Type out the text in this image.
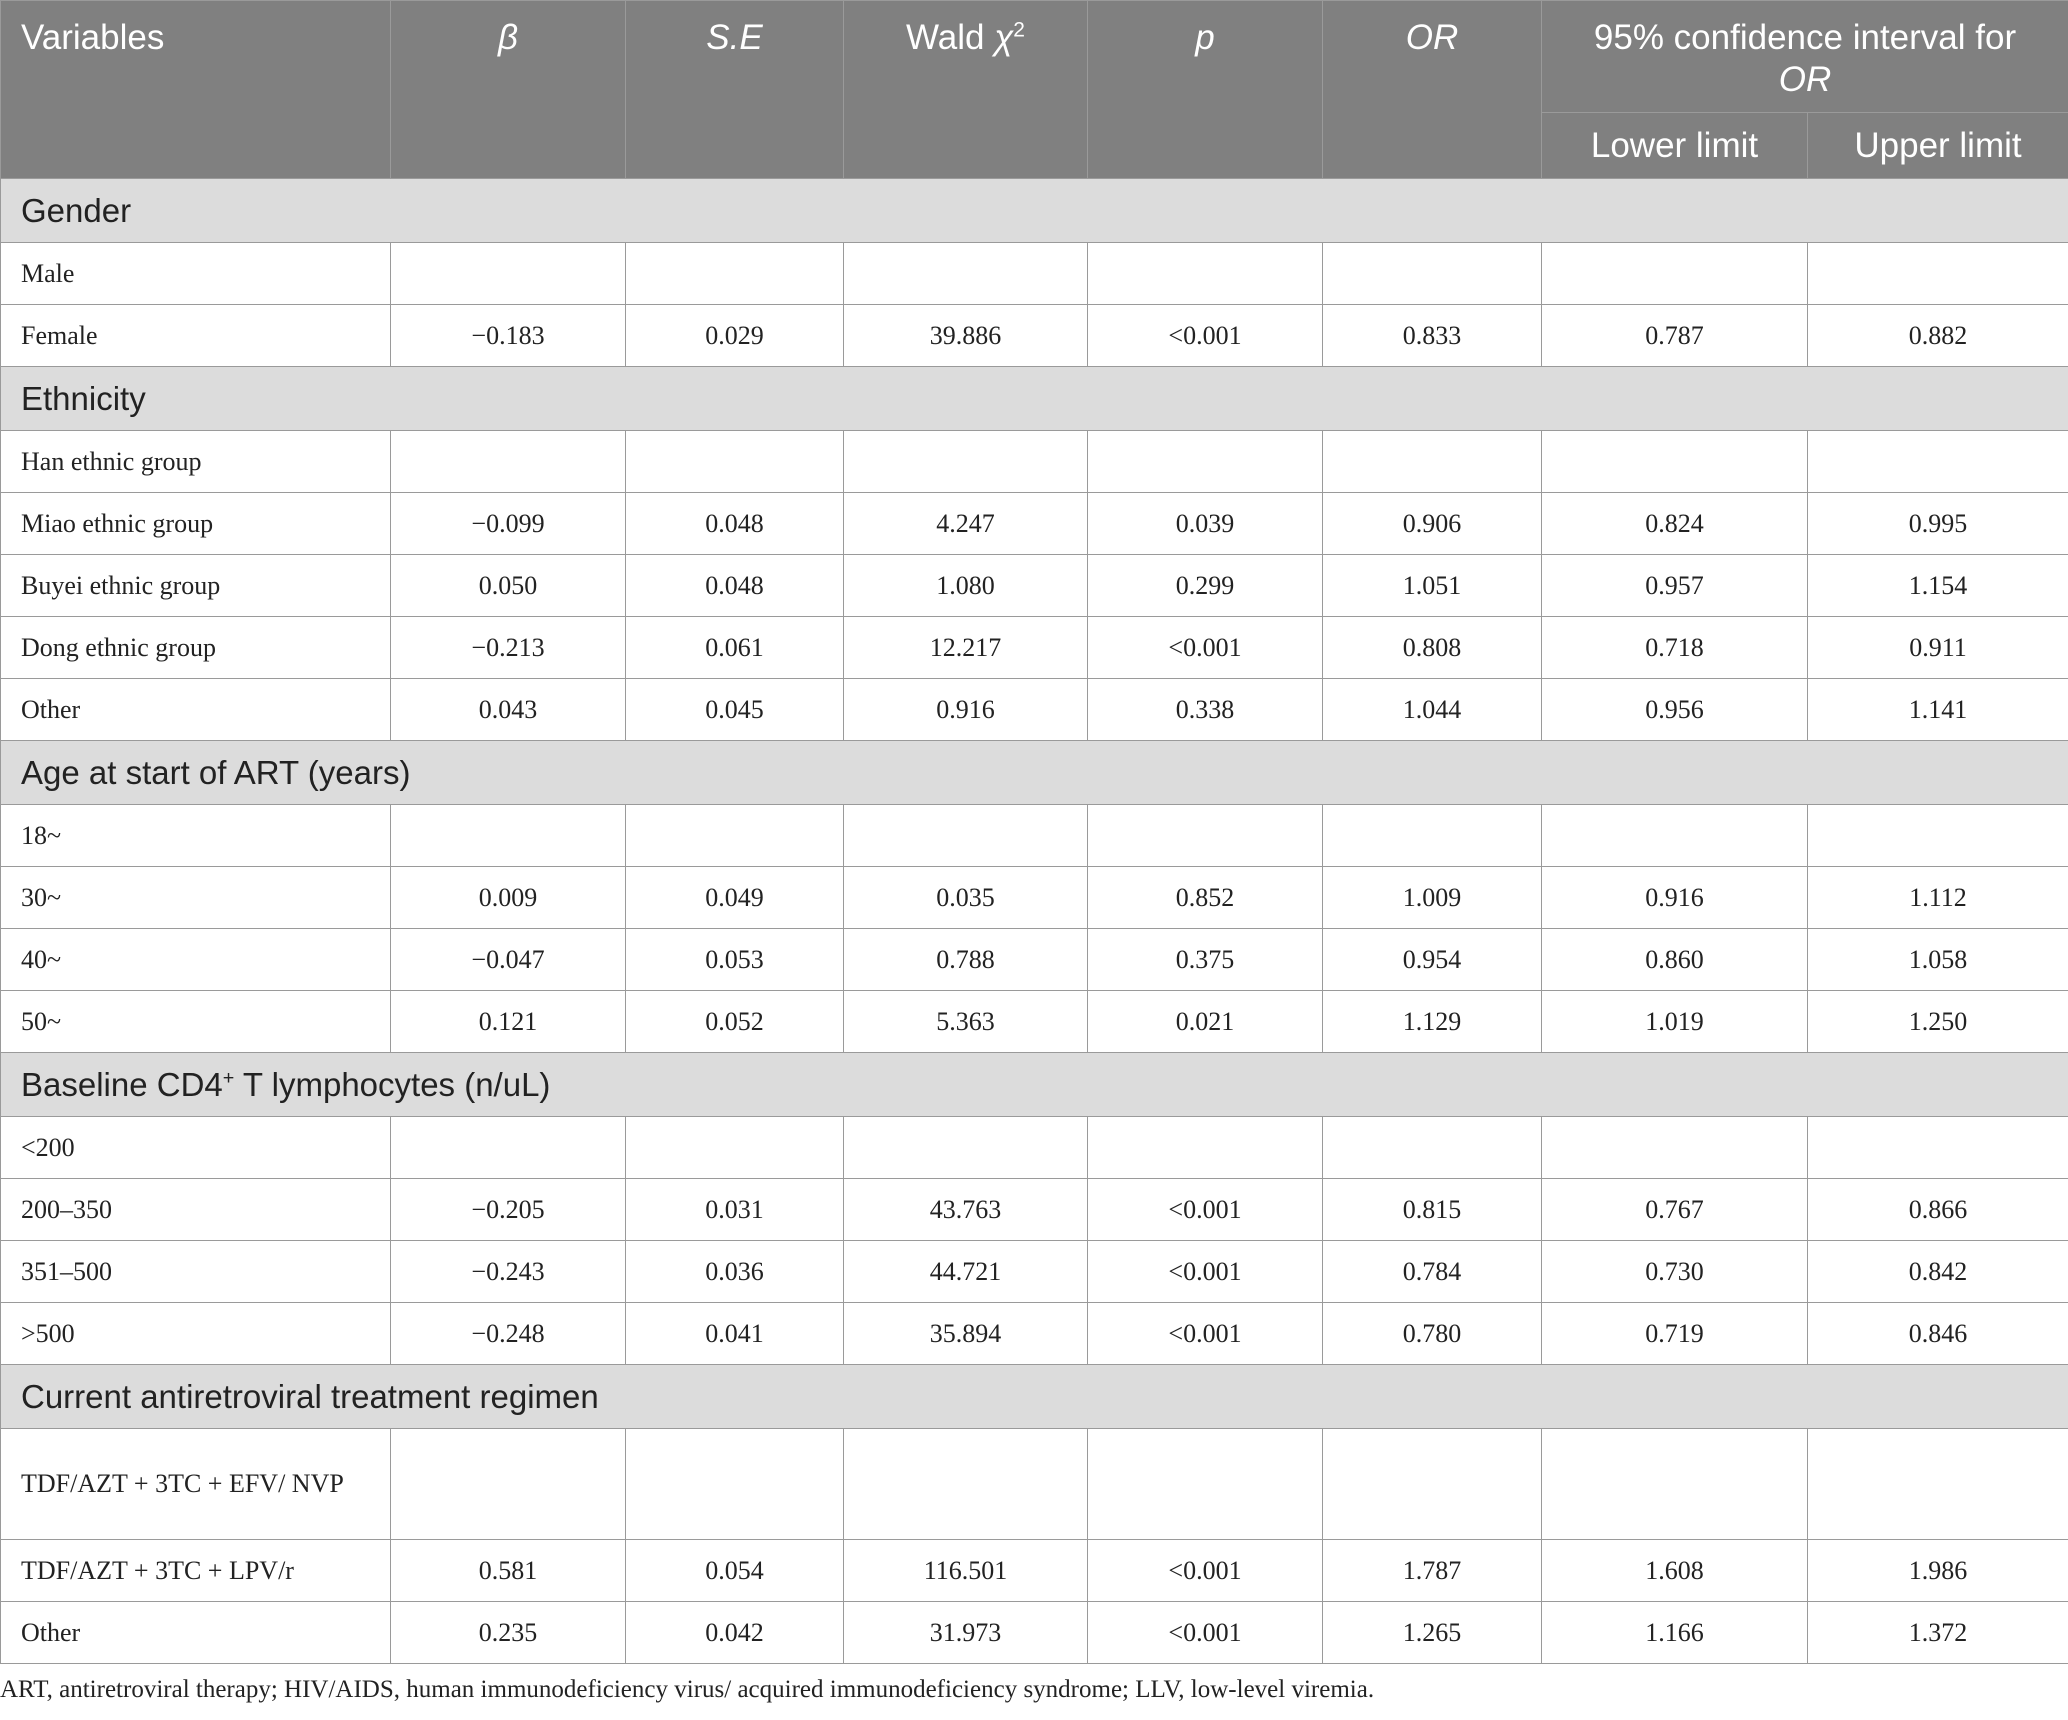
Variables	β	S.E	Wald $\chi^2$	p	OR	95% confidence interval for
OR	
						Lower limit	Upper limit
Gender							
Male							
Female	−0.183	0.029	39.886	<0.001	0.833	0.787	0.882
Ethnicity							
Han ethnic group							
Miao ethnic group	−0.099	0.048	4.247	0.039	0.906	0.824	0.995
Buyei ethnic group	0.050	0.048	1.080	0.299	1.051	0.957	1.154
Dong ethnic group	−0.213	0.061	12.217	<0.001	0.808	0.718	0.911
Other	0.043	0.045	0.916	0.338	1.044	0.956	1.141
Age at start of ART (years)							
18~							
30~	0.009	0.049	0.035	0.852	1.009	0.916	1.112
40~	−0.047	0.053	0.788	0.375	0.954	0.860	1.058
50~	0.121	0.052	5.363	0.021	1.129	1.019	1.250
Baseline CD4+ T lymphocytes (n/uL)							
<200							
200–350	−0.205	0.031	43.763	<0.001	0.815	0.767	0.866
351–500	−0.243	0.036	44.721	<0.001	0.784	0.730	0.842
>500	−0.248	0.041	35.894	<0.001	0.780	0.719	0.846
Current antiretroviral treatment regimen							
TDF/AZT + 3TC + EFV/ NVP							
TDF/AZT + 3TC + LPV/r	0.581	0.054	116.501	<0.001	1.787	1.608	1.986
Other	0.235	0.042	31.973	<0.001	1.265	1.166	1.372
ART, antiretroviral therapy; HIV/AIDS, human immunodeficiency virus/ acquired immunodeficiency syndrome; LLV, low-level viremia.
